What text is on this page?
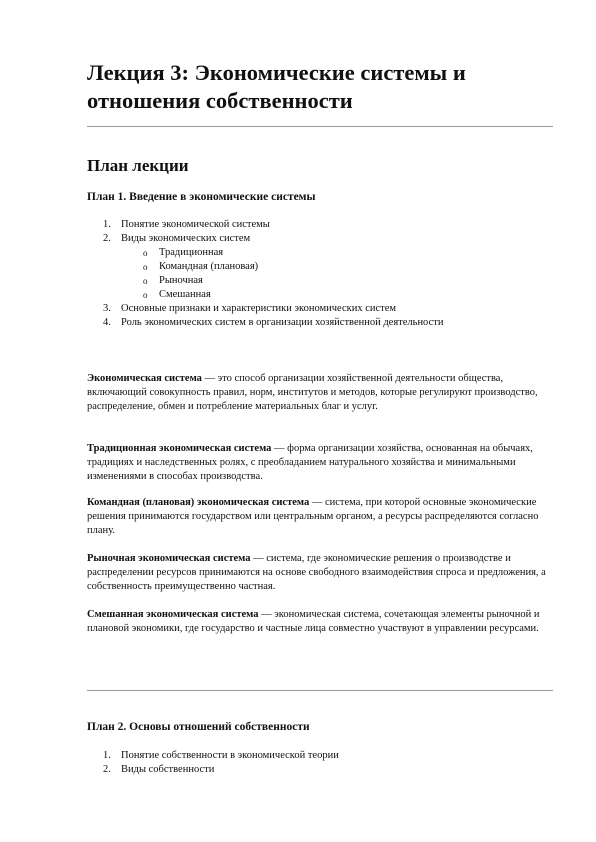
Лекция 3: Экономические системы и отношения собственности
План лекции
План 1. Введение в экономические системы
1. Понятие экономической системы
2. Виды экономических систем
o Традиционная
o Командная (плановая)
o Рыночная
o Смешанная
3. Основные признаки и характеристики экономических систем
4. Роль экономических систем в организации хозяйственной деятельности

Экономическая система — это способ организации хозяйственной деятельности общества, включающий совокупность правил, норм, институтов и методов, которые регулируют производство, распределение, обмен и потребление материальных благ и услуг.

Традиционная экономическая система — форма организации хозяйства, основанная на обычаях, традициях и наследственных ролях, с преобладанием натурального хозяйства и минимальными изменениями в способах производства.

Командная (плановая) экономическая система — система, при которой основные экономические решения принимаются государством или центральным органом, а ресурсы распределяются согласно плану.

Рыночная экономическая система — система, где экономические решения о производстве и распределении ресурсов принимаются на основе свободного взаимодействия спроса и предложения, а собственность преимущественно частная.

Смешанная экономическая система — экономическая система, сочетающая элементы рыночной и плановой экономики, где государство и частные лица совместно участвуют в управлении ресурсами.

План 2. Основы отношений собственности
1. Понятие собственности в экономической теории
2. Виды собственности
